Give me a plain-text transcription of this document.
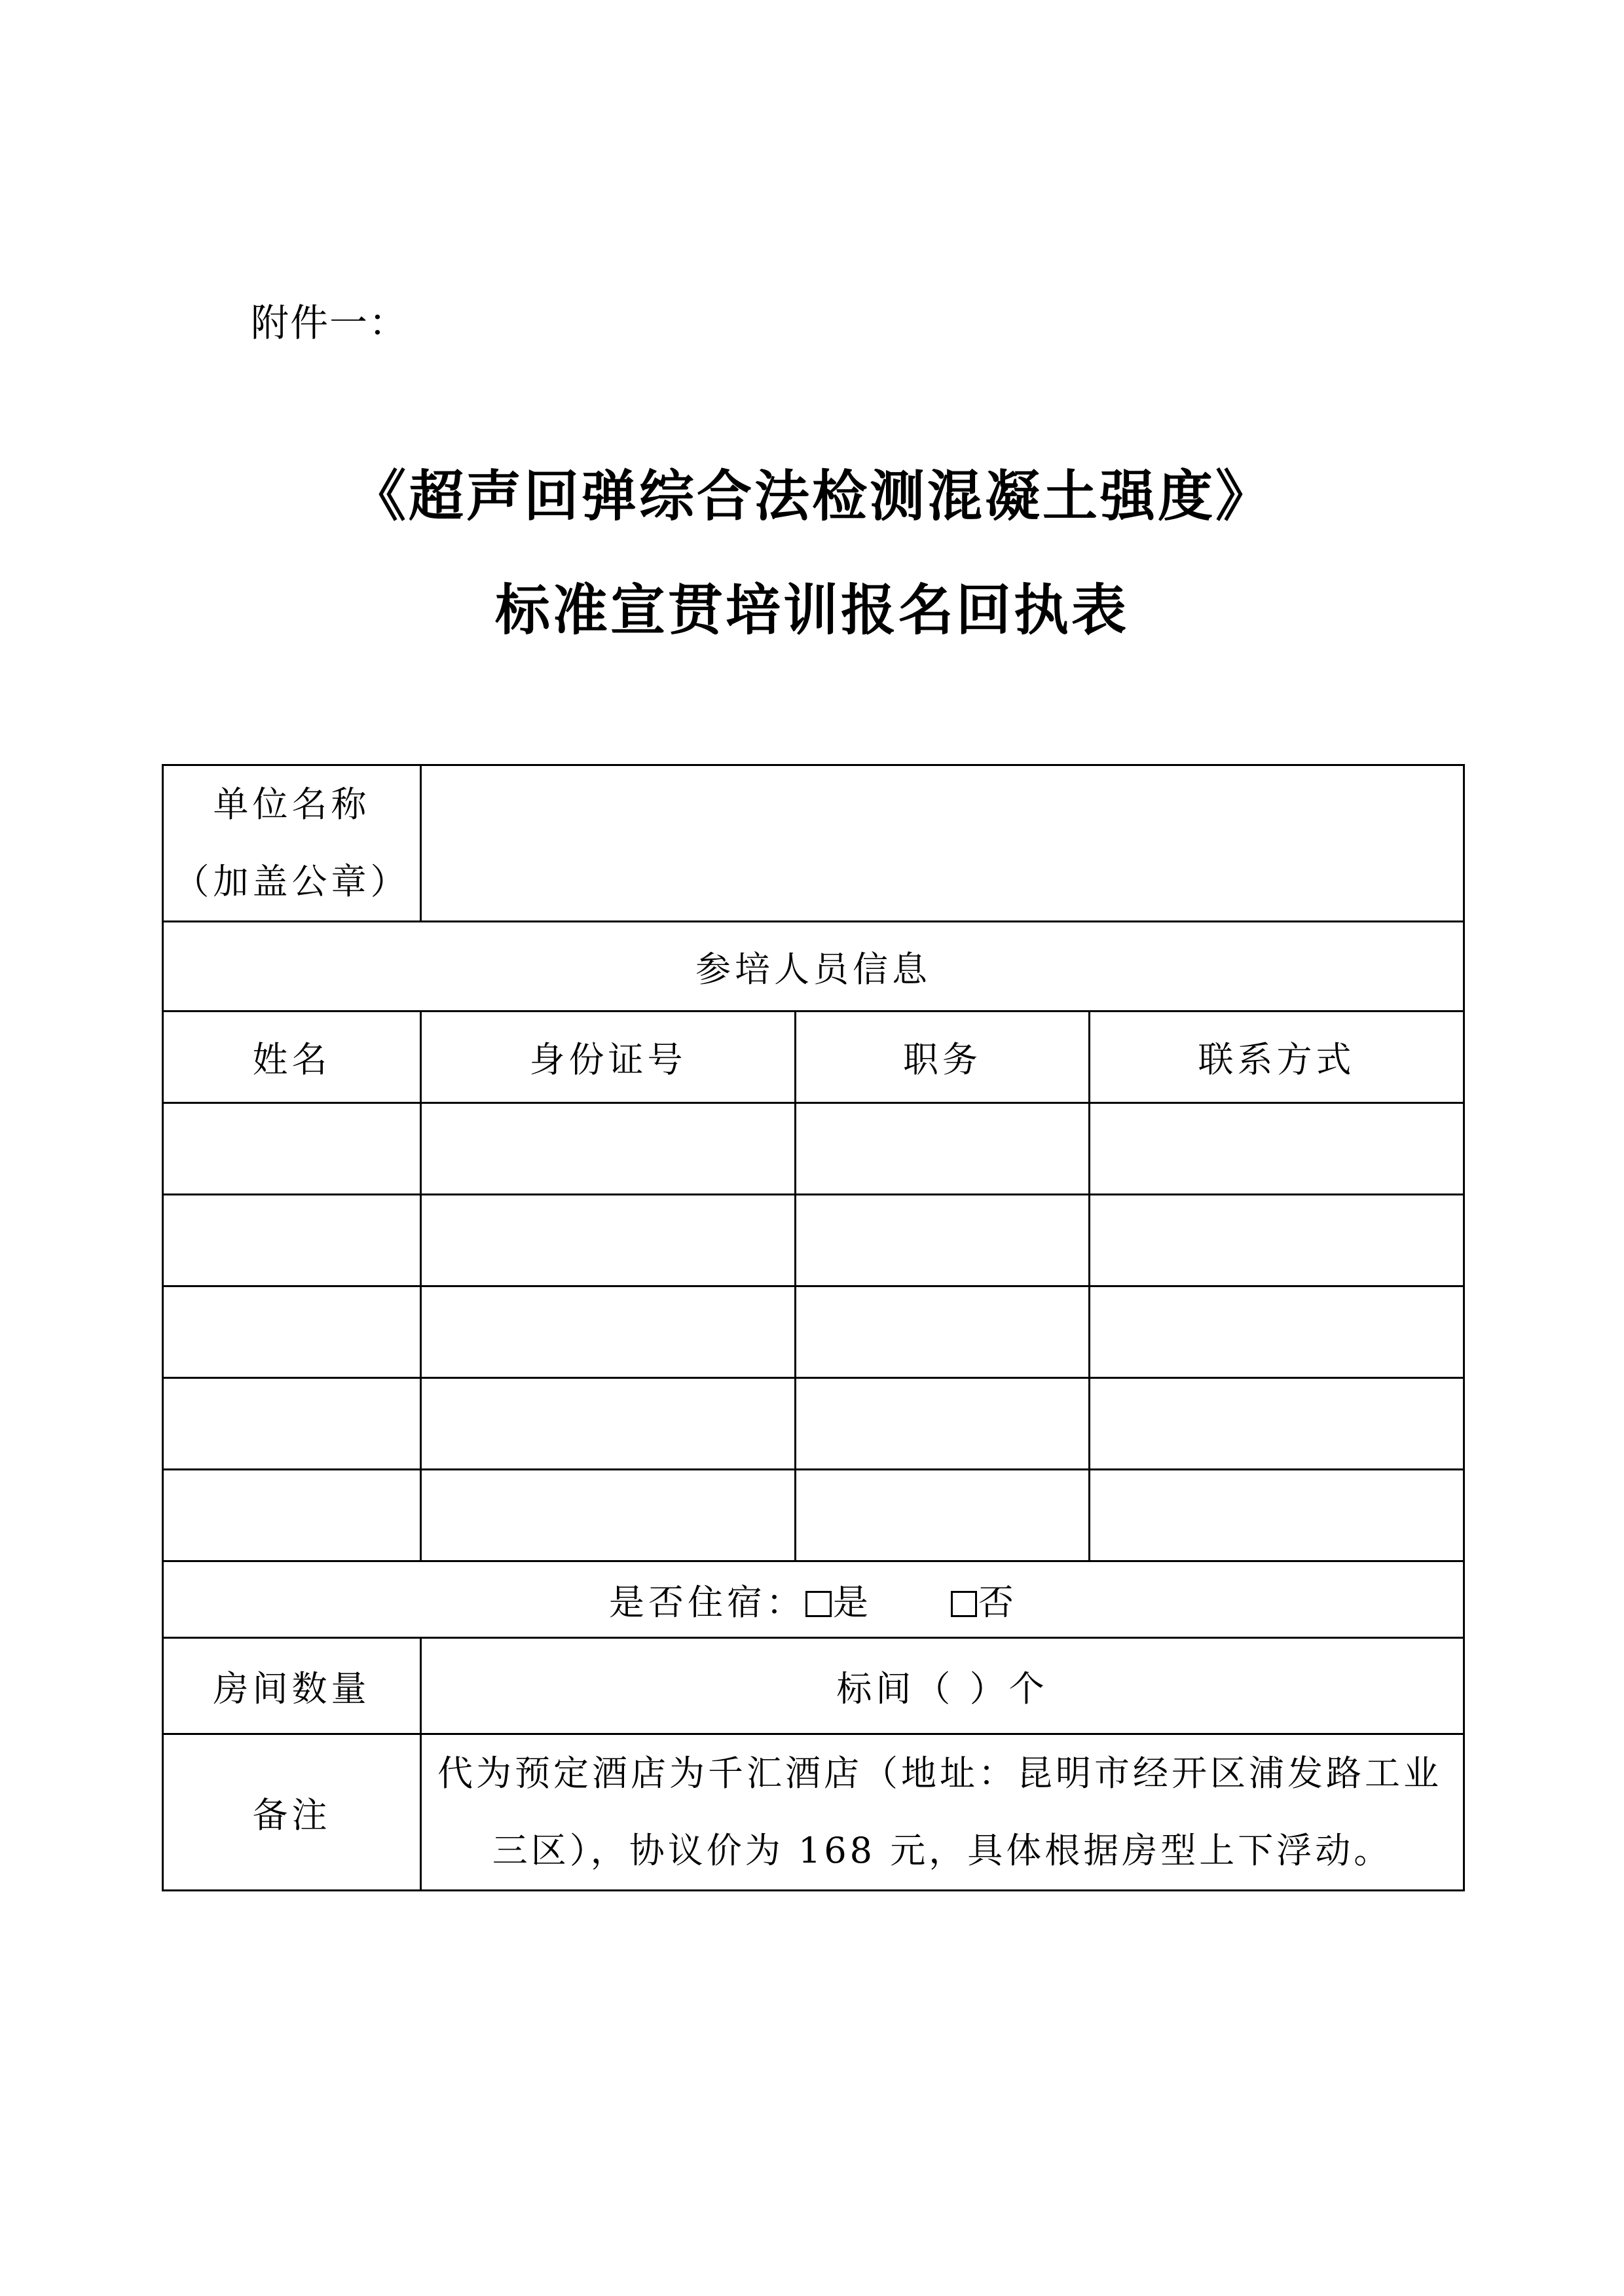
附件一：
《超声回弹综合法检测混凝土强度》
标准宣贯培训报名回执表
单位名称
（加盖公章）			

参培人员信息			
姓名	身份证号	职务	联系方式

是否住宿： 是 否			
房间数量	标间（ ）个		
备注	代为预定酒店为千汇酒店（地址：昆明市经开区浦发路工业三区），协议价为 168 元，具体根据房型上下浮动。		
